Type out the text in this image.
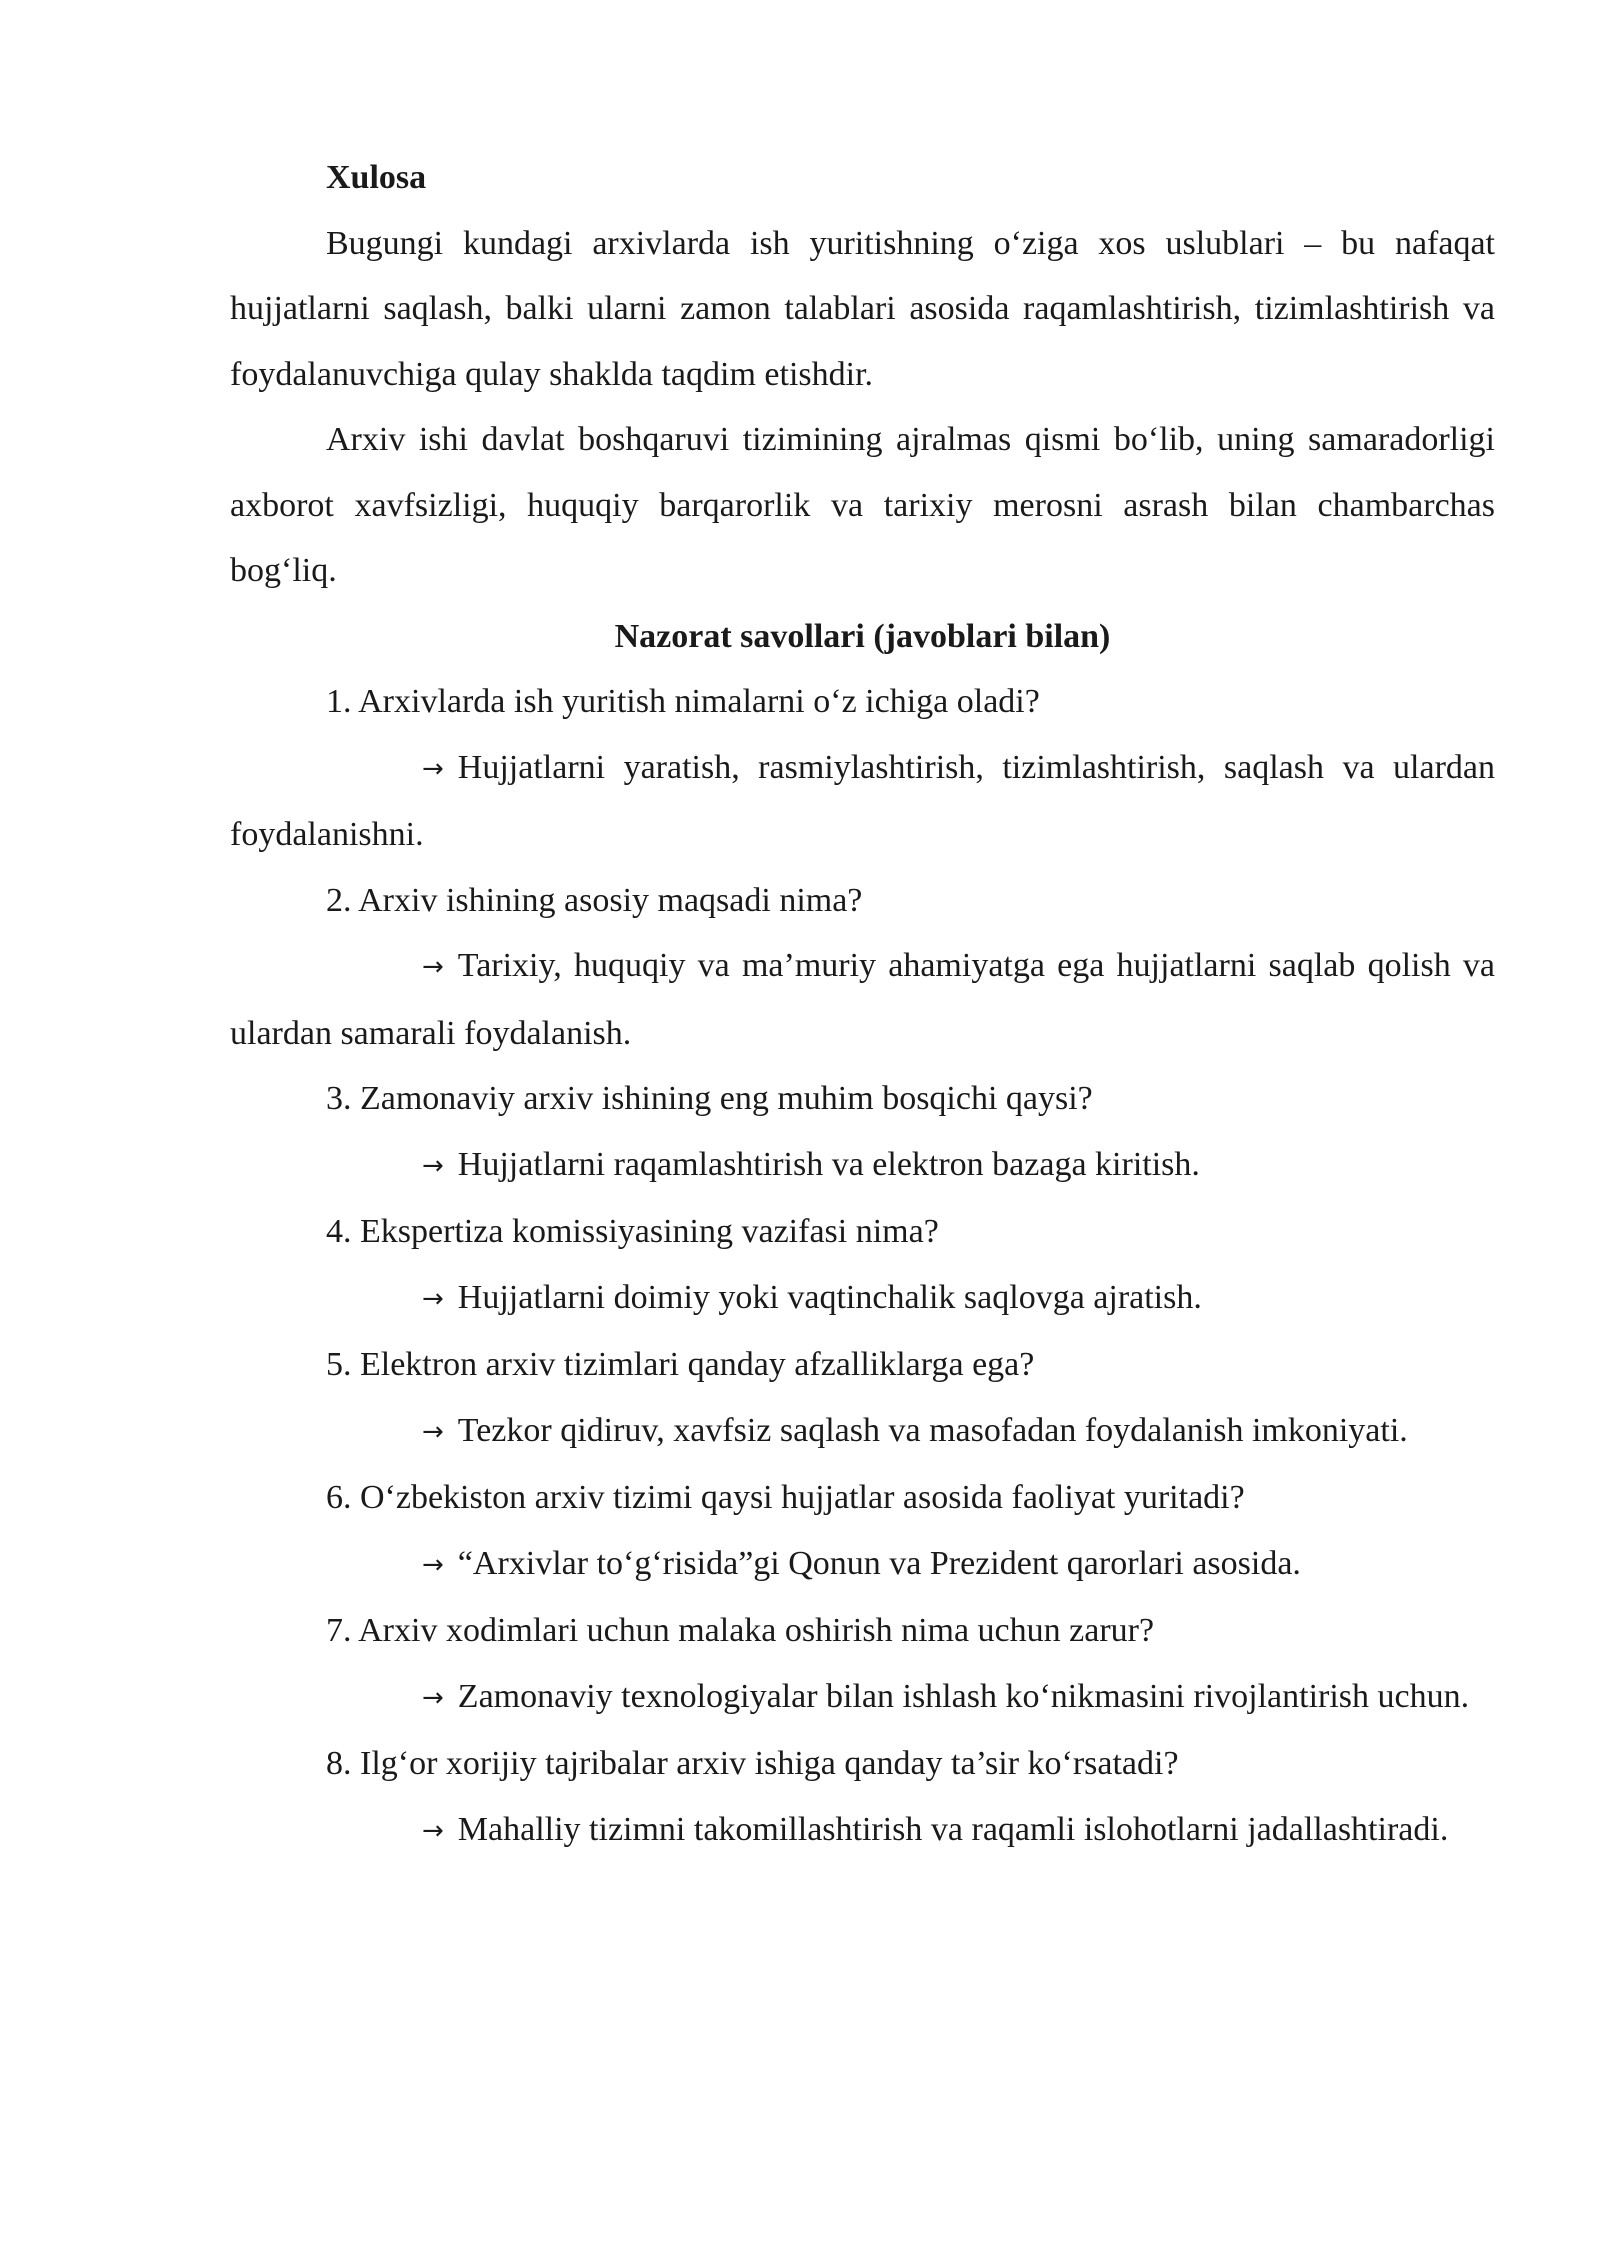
Xulosa

Bugungi kundagi arxivlarda ish yuritishning o‘ziga xos uslublari – bu nafaqat hujjatlarni saqlash, balki ularni zamon talablari asosida raqamlashtirish, tizimlashtirish va foydalanuvchiga qulay shaklda taqdim etishdir.

Arxiv ishi davlat boshqaruvi tizimining ajralmas qismi bo‘lib, uning samaradorligi axborot xavfsizligi, huquqiy barqarorlik va tarixiy merosni asrash bilan chambarchas bog‘liq.

Nazorat savollari (javoblari bilan)

1. Arxivlarda ish yuritish nimalarni o‘z ichiga oladi?

→ Hujjatlarni yaratish, rasmiylashtirish, tizimlashtirish, saqlash va ulardan foydalanishni.

2. Arxiv ishining asosiy maqsadi nima?

→ Tarixiy, huquqiy va ma’muriy ahamiyatga ega hujjatlarni saqlab qolish va ulardan samarali foydalanish.

3. Zamonaviy arxiv ishining eng muhim bosqichi qaysi?

→ Hujjatlarni raqamlashtirish va elektron bazaga kiritish.

4. Ekspertiza komissiyasining vazifasi nima?

→ Hujjatlarni doimiy yoki vaqtinchalik saqlovga ajratish.

5. Elektron arxiv tizimlari qanday afzalliklarga ega?

→ Tezkor qidiruv, xavfsiz saqlash va masofadan foydalanish imkoniyati.

6. O‘zbekiston arxiv tizimi qaysi hujjatlar asosida faoliyat yuritadi?

→ “Arxivlar to‘g‘risida”gi Qonun va Prezident qarorlari asosida.

7. Arxiv xodimlari uchun malaka oshirish nima uchun zarur?

→ Zamonaviy texnologiyalar bilan ishlash ko‘nikmasini rivojlantirish uchun.

8. Ilg‘or xorijiy tajribalar arxiv ishiga qanday ta’sir ko‘rsatadi?

→ Mahalliy tizimni takomillashtirish va raqamli islohotlarni jadallashtiradi.
